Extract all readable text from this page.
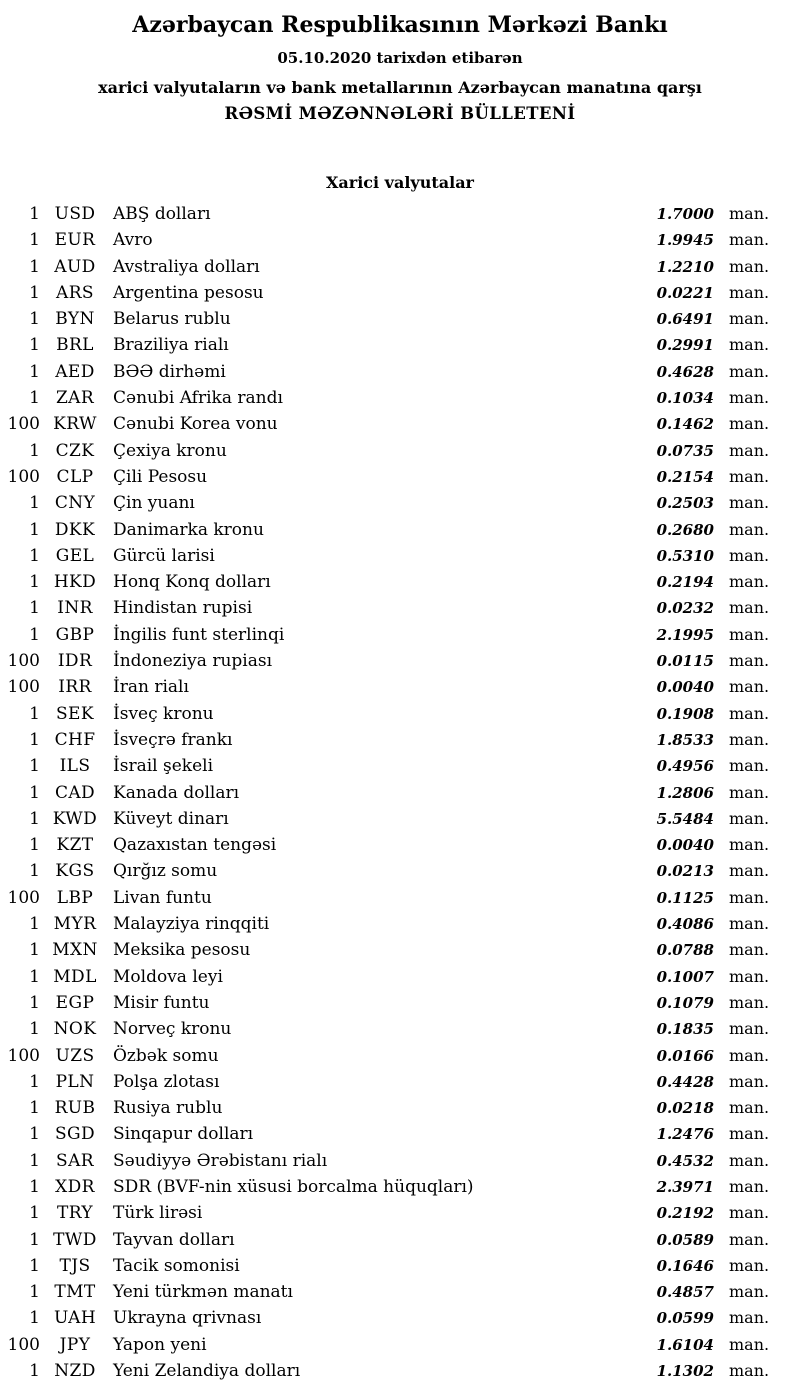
Azərbaycan Respublikasının Mərkəzi Bankı
05.10.2020 tarixdən etibarən
xarici valyutaların və bank metallarının Azərbaycan manatına qarşı
RƏSMİ MƏZƏNNƏLƏRİ BÜLLETENİ
Xarici valyutalar
1 USD	ABŞ dolları	1.7000 man.
1 EUR	Avro	1.9945 man.
1 AUD	Avstraliya dolları	1.2210 man.
1 ARS	Argentina pesosu	0.0221 man.
1 BYN	Belarus rublu	0.6491 man.
1 BRL	Braziliya rialı	0.2991 man.
1 AED	BƏƏ dirhəmi	0.4628 man.
1 ZAR	Cənubi Afrika randı	0.1034 man.
100 KRW Cənubi Korea vonu	0.1462 man.
1 CZK	Çexiya kronu	0.0735 man.
100 CLP	Çili Pesosu	0.2154 man.
1 CNY	Çin yuanı	0.2503 man.
1 DKK	Danimarka kronu	0.2680 man.
1 GEL	Gürcü larisi	0.5310 man.
1 HKD Honq Konq dolları	0.2194 man.
1	INR	Hindistan rupisi	0.0232 man.
1 GBP	İngilis funt sterlinqi	2.1995 man.
100	IDR	İndoneziya rupiası	0.0115 man.
100	IRR	İran rialı	0.0040 man.
1 SEK	İsveç kronu	0.1908 man.
1 CHF	İsveçrə frankı	1.8533 man.
1	ILS	İsrail şekeli	0.4956 man.
1 CAD	Kanada dolları	1.2806 man.
1 KWD Küveyt dinarı	5.5484 man.
1 KZT	Qazaxıstan tengəsi	0.0040 man.
1 KGS	Qırğız somu	0.0213 man.
100 LBP	Livan funtu	0.1125 man.
1 MYR Malayziya rinqqiti	0.4086 man.
1 MXN Meksika pesosu	0.0788 man.
1 MDL Moldova leyi	0.1007 man.
1 EGP	Misir funtu	0.1079 man.
1 NOK Norveç kronu	0.1835 man.
100 UZS	Özbək somu	0.0166 man.
1 PLN	Polşa zlotası	0.4428 man.
1 RUB	Rusiya rublu	0.0218 man.
1 SGD	Sinqapur dolları	1.2476 man.
1 SAR	Səudiyyə Ərəbistanı rialı	0.4532 man.
1 XDR	SDR (BVF-nin xüsusi borcalma hüquqları)	2.3971 man.
1 TRY	Türk lirəsi	0.2192 man.
1 TWD Tayvan dolları	0.0589 man.
1	TJS	Tacik somonisi	0.1646 man.
1 TMT	Yeni türkmən manatı	0.4857 man.
1 UAH Ukrayna qrivnası	0.0599 man.
100	JPY	Yapon yeni	1.6104 man.
1 NZD	Yeni Zelandiya dolları	1.1302 man.
